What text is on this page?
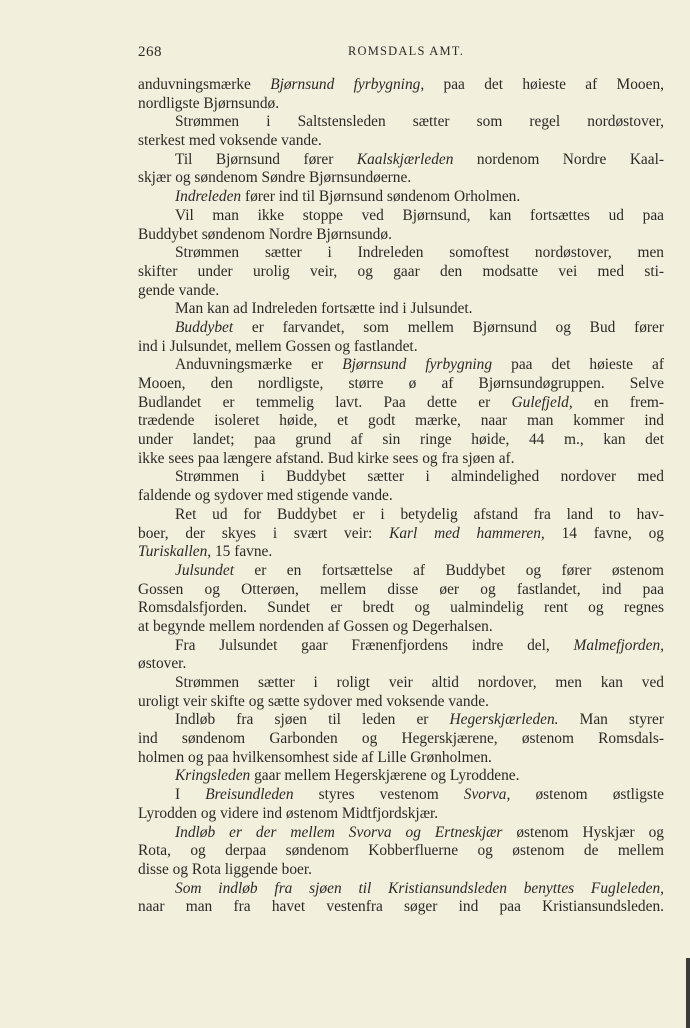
268	ROMSDALS AMT.
anduvningsmærke Bjørnsund fyrbygning, paa det høieste af Mooen,
nordligste Bjørnsundø.
Strømmen i Saltstensleden sætter som regel nordøstover,
sterkest med voksende vande.
Til Bjørnsund fører Kaalskjærleden nordenom Nordre Kaal-
skjær og søndenom Søndre Bjørnsundøerne.
Indreleden fører ind til Bjørnsund søndenom Orholmen.
Vil man ikke stoppe ved Bjørnsund, kan fortsættes ud paa
Buddybet søndenom Nordre Bjørnsundø.
Strømmen sætter i Indreleden somoftest nordøstover, men
skifter under urolig veir, og gaar den modsatte vei med sti-
gende vande.
Man kan ad Indreleden fortsætte ind i Julsundet.
Buddybet er farvandet, som mellem Bjørnsund og Bud fører
ind i Julsundet, mellem Gossen og fastlandet.
Anduvningsmærke er Bjørnsund fyrbygning paa det høieste af
Mooen, den nordligste, større ø af Bjørnsundøgruppen. Selve
Budlandet er temmelig lavt. Paa dette er Gulefjeld, en frem-
trædende isoleret høide, et godt mærke, naar man kommer ind
under landet; paa grund af sin ringe høide, 44 m., kan det
ikke sees paa længere afstand. Bud kirke sees og fra sjøen af.
Strømmen i Buddybet sætter i almindelighed nordover med
faldende og sydover med stigende vande.
Ret ud for Buddybet er i betydelig afstand fra land to hav-
boer, der skyes i svært veir: Karl med hammeren, 14 favne, og
Turiskallen, 15 favne.
Julsundet er en fortsættelse af Buddybet og fører østenom
Gossen og Otterøen, mellem disse øer og fastlandet, ind paa
Romsdalsfjorden. Sundet er bredt og ualmindelig rent og regnes
at begynde mellem nordenden af Gossen og Degerhalsen.
Fra Julsundet gaar Frænenfjordens indre del, Malmefjorden,
østover.
Strømmen sætter i roligt veir altid nordover, men kan ved
uroligt veir skifte og sætte sydover med voksende vande.
Indløb fra sjøen til leden er Hegerskjærleden. Man styrer
ind søndenom Garbonden og Hegerskjærene, østenom Romsdals-
holmen og paa hvilkensomhest side af Lille Grønholmen.
Kringsleden gaar mellem Hegerskjærene og Lyroddene.
I Breisundleden styres vestenom Svorva, østenom østligste
Lyrodden og videre ind østenom Midtfjordskjær.
Indløb er der mellem Svorva og Ertneskjær østenom Hyskjær og
Rota, og derpaa søndenom Kobberfluerne og østenom de mellem
disse og Rota liggende boer.
Som indløb fra sjøen til Kristiansundsleden benyttes Fugleleden,
naar man fra havet vestenfra søger ind paa Kristiansundsleden.
